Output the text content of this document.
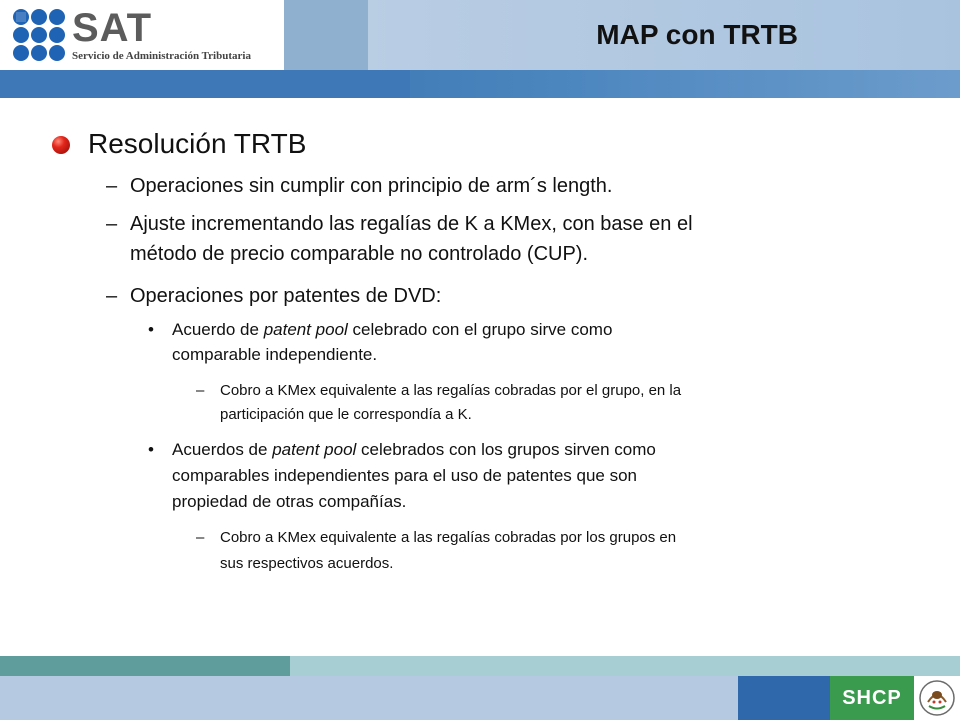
SAT
Servicio de Administración Tributaria
MAP con TRTB
Resolución TRTB
– Operaciones sin cumplir con principio de arm´s length.
– Ajuste incrementando las regalías de K a KMex, con base en el
método de precio comparable no controlado (CUP).
– Operaciones por patentes de DVD:
• Acuerdo de patent pool celebrado con el grupo sirve como
comparable independiente.
– Cobro a KMex equivalente a las regalías cobradas por el grupo, en la
participación que le correspondía a K.
• Acuerdos de patent pool celebrados con los grupos sirven como
comparables independientes para el uso de patentes que son
propiedad de otras compañías.
– Cobro a KMex equivalente a las regalías cobradas por los grupos en
sus respectivos acuerdos.
SHCP
